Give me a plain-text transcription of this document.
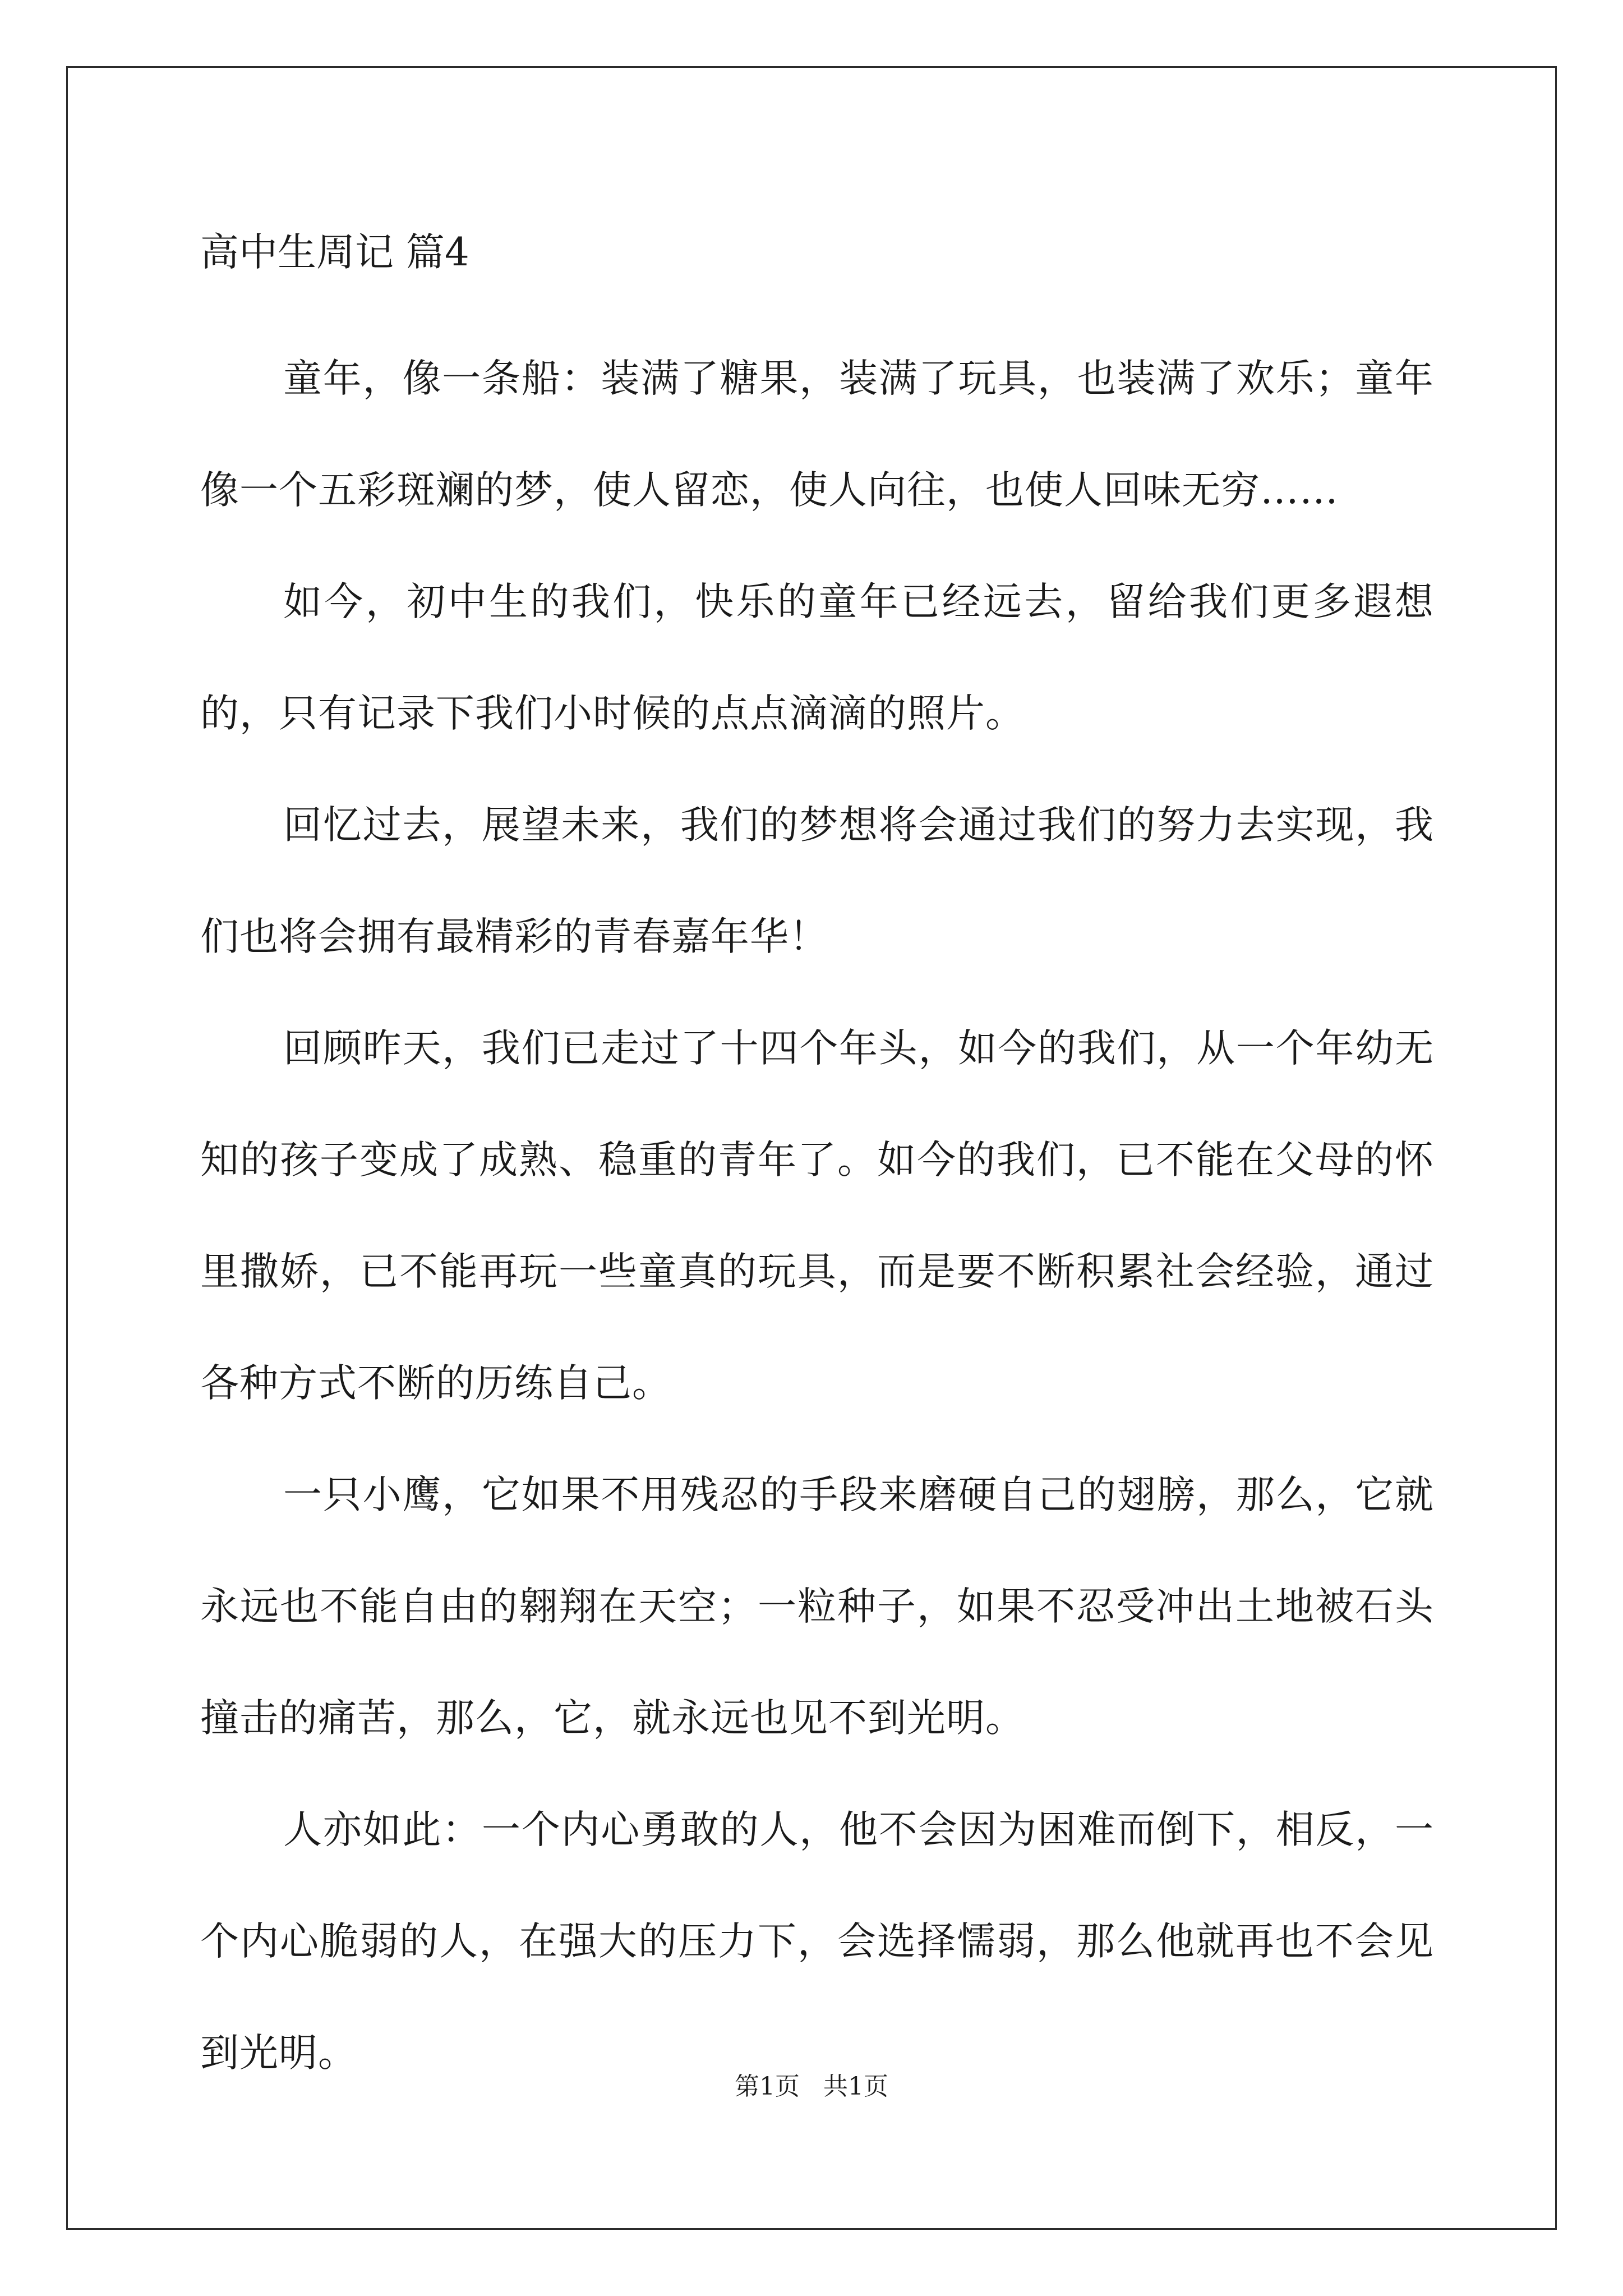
高中生周记 篇4

童年，像一条船：装满了糖果，装满了玩具，也装满了欢乐；童年像一个五彩斑斓的梦，使人留恋，使人向往，也使人回味无穷……

如今，初中生的我们，快乐的童年已经远去，留给我们更多遐想的，只有记录下我们小时候的点点滴滴的照片。

回忆过去，展望未来，我们的梦想将会通过我们的努力去实现，我们也将会拥有最精彩的青春嘉年华！

回顾昨天，我们已走过了十四个年头，如今的我们，从一个年幼无知的孩子变成了成熟、稳重的青年了。如今的我们，已不能在父母的怀里撒娇，已不能再玩一些童真的玩具，而是要不断积累社会经验，通过各种方式不断的历练自己。

一只小鹰，它如果不用残忍的手段来磨硬自己的翅膀，那么，它就永远也不能自由的翱翔在天空；一粒种子，如果不忍受冲出土地被石头撞击的痛苦，那么，它，就永远也见不到光明。

人亦如此：一个内心勇敢的人，他不会因为困难而倒下，相反，一个内心脆弱的人，在强大的压力下，会选择懦弱，那么他就再也不会见到光明。

第1页   共1页
